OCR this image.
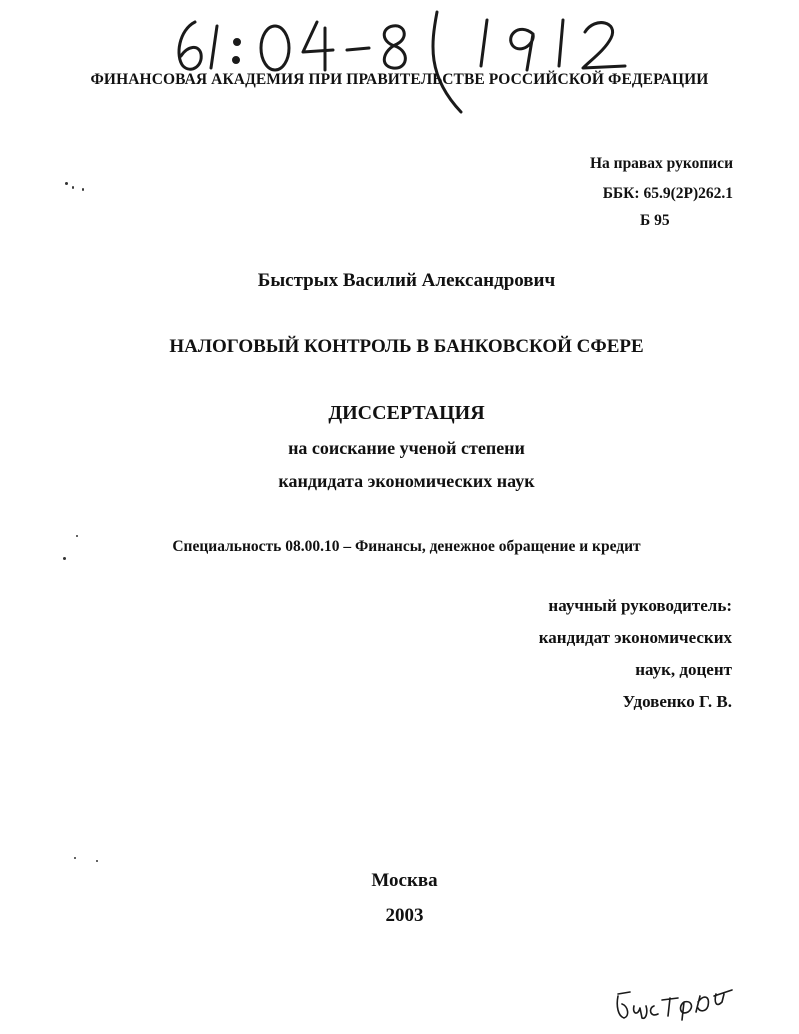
61:04-8/1912
ФИНАНСОВАЯ АКАДЕМИЯ ПРИ ПРАВИТЕЛЬСТВЕ РОССИЙСКОЙ ФЕДЕРАЦИИ
На правах рукописи
ББК: 65.9(2Р)262.1
Б 95
Быстрых Василий Александрович
НАЛОГОВЫЙ КОНТРОЛЬ В БАНКОВСКОЙ СФЕРЕ
ДИССЕРТАЦИЯ
на соискание ученой степени
кандидата экономических наук
Специальность 08.00.10 – Финансы, денежное обращение и кредит
научный руководитель:
кандидат экономических
наук, доцент
Удовенко Г. В.
Москва
2003
Быстрых
